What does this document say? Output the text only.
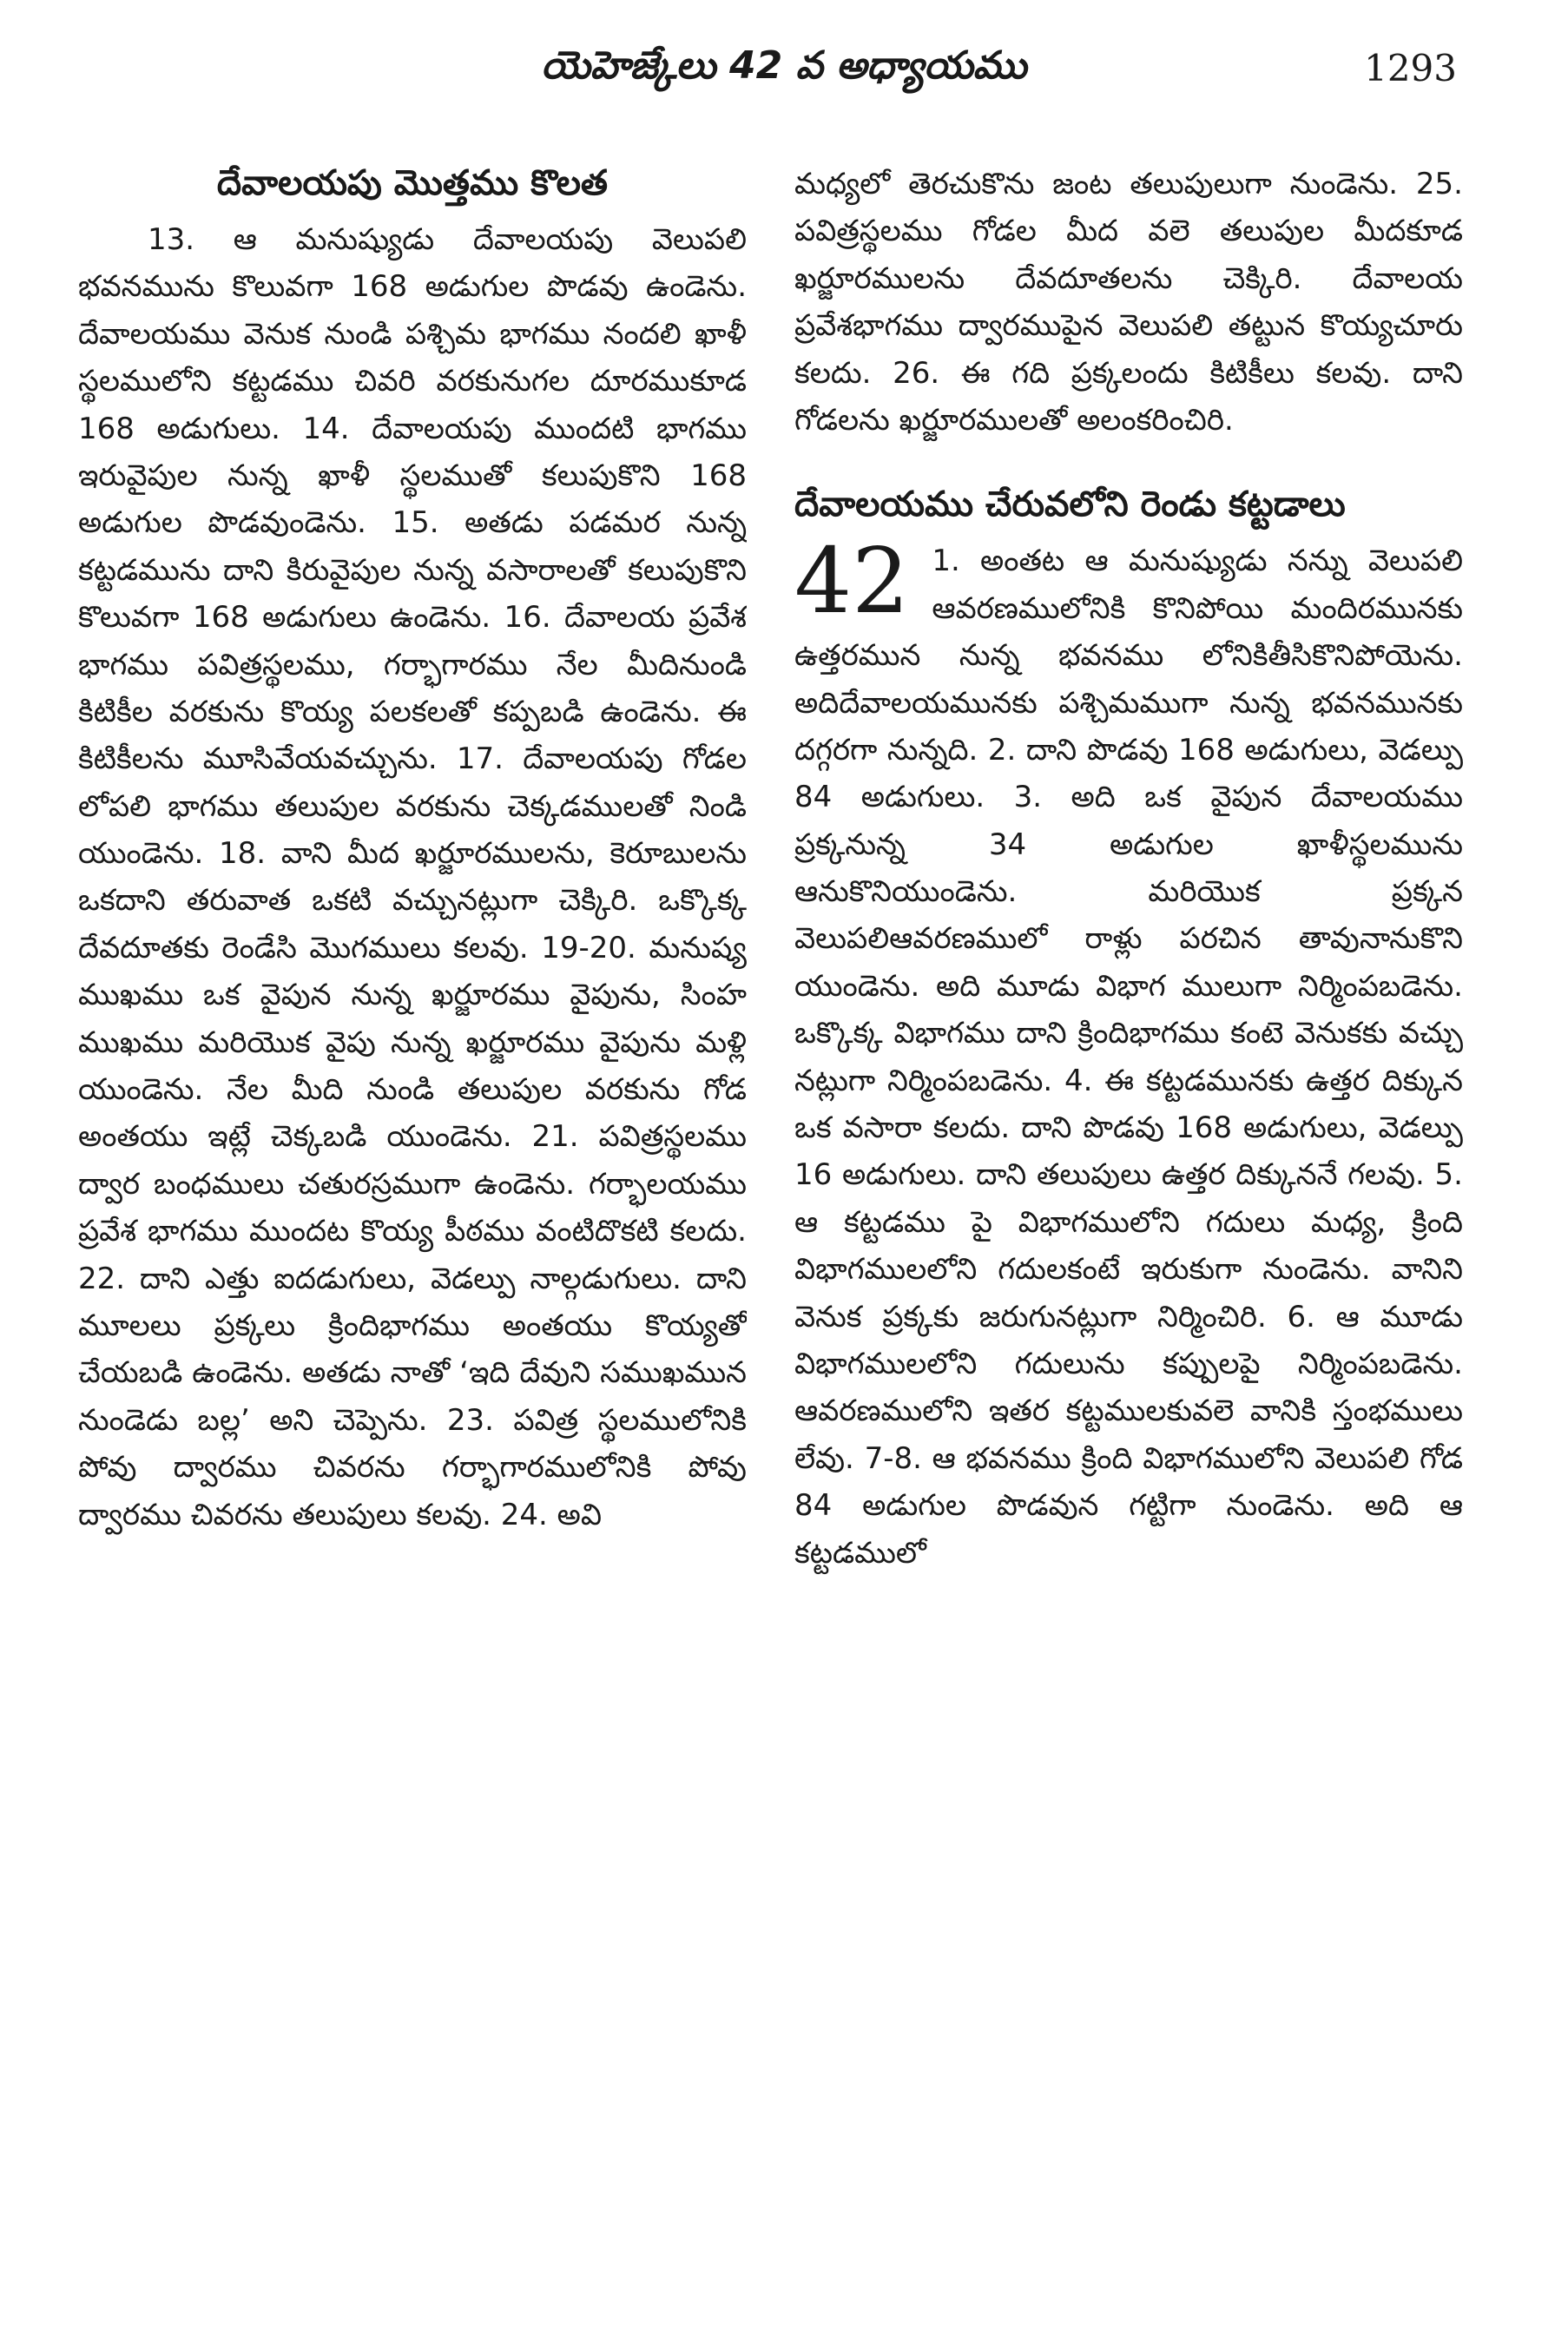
యెహెజ్కేలు 42 వ అధ్యాయము	1293
దేవాలయపు మొత్తము కొలత

13. ఆ మనుష్యుడు దేవాలయపు వెలుపలి భవనమును కొలువగా 168 అడుగుల పొడవు ఉండెను. దేవాలయము వెనుక నుండి పశ్చిమ భాగము నందలి ఖాళీ స్థలములోని కట్టడము చివరి వరకునుగల దూరముకూడ 168 అడుగులు. 14. దేవాలయపు ముందటి భాగము ఇరువైపుల నున్న ఖాళీ స్థలముతో కలుపుకొని 168 అడుగుల పొడవుండెను. 15. అతడు పడమర నున్న కట్టడమును దాని కిరువైపుల నున్న వసారాలతో కలుపుకొని కొలువగా 168 అడుగులు ఉండెను. 16. దేవాలయ ప్రవేశ భాగము పవిత్రస్థలము, గర్భాగారము నేల మీదినుండి కిటికీల వరకును కొయ్య పలకలతో కప్పబడి ఉండెను. ఈ కిటికీలను మూసివేయవచ్చును. 17. దేవాలయపు గోడల లోపలి భాగము తలుపుల వరకును చెక్కడములతో నిండి యుండెను. 18. వాని మీద ఖర్జూరములను, కెరూబులను ఒకదాని తరువాత ఒకటి వచ్చునట్లుగా చెక్కిరి. ఒక్కొక్క దేవదూతకు రెండేసి మొగములు కలవు. 19-20. మనుష్య ముఖము ఒక వైపున నున్న ఖర్జూరము వైపును, సింహ ముఖము మరియొక వైపు నున్న ఖర్జూరము వైపును మళ్లి యుండెను. నేల మీది నుండి తలుపుల వరకును గోడ అంతయు ఇట్లే చెక్కబడి యుండెను. 21. పవిత్రస్థలము ద్వార బంధములు చతురస్రముగా ఉండెను. గర్భాలయము ప్రవేశ భాగము ముందట కొయ్య పీఠము వంటిదొకటి కలదు. 22. దాని ఎత్తు ఐదడుగులు, వెడల్పు నాల్గడుగులు. దాని మూలలు ప్రక్కలు క్రిందిభాగము అంతయు కొయ్యతో చేయబడి ఉండెను. అతడు నాతో ‘ఇది దేవుని సముఖమున నుండెడు బల్ల’ అని చెప్పెను. 23. పవిత్ర స్థలములోనికి పోవు ద్వారము చివరను గర్భాగారములోనికి పోవు ద్వారము చివరను తలుపులు కలవు. 24. అవి

మధ్యలో తెరచుకొను జంట తలుపులుగా నుండెను. 25. పవిత్రస్థలము గోడల మీద వలె తలుపుల మీదకూడ ఖర్జూరములను దేవదూతలను చెక్కిరి. దేవాలయ ప్రవేశభాగము ద్వారముపైన వెలుపలి తట్టున కొయ్యచూరు కలదు. 26. ఈ గది ప్రక్కలందు కిటికీలు కలవు. దాని గోడలను ఖర్జూరములతో అలంకరించిరి.

దేవాలయము చేరువలోని రెండు కట్టడాలు
42 1. అంతట ఆ మనుష్యుడు నన్ను వెలుపలి ఆవరణములోనికి కొనిపోయి మందిరమునకు ఉత్తరమున నున్న భవనము లోనికితీసికొనిపోయెను. అదిదేవాలయమునకు పశ్చిమముగా నున్న భవనమునకు దగ్గరగా నున్నది. 2. దాని పొడవు 168 అడుగులు, వెడల్పు 84 అడుగులు. 3. అది ఒక వైపున దేవాలయము ప్రక్కనున్న 34 అడుగుల ఖాళీస్థలమును ఆనుకొనియుండెను. మరియొక ప్రక్కన వెలుపలిఆవరణములో రాళ్లు పరచిన తావునానుకొని యుండెను. అది మూడు విభాగ ములుగా నిర్మింపబడెను. ఒక్కొక్క విభాగము దాని క్రిందిభాగము కంటె వెనుకకు వచ్చు నట్లుగా నిర్మింపబడెను. 4. ఈ కట్టడమునకు ఉత్తర దిక్కున ఒక వసారా కలదు. దాని పొడవు 168 అడుగులు, వెడల్పు 16 అడుగులు. దాని తలుపులు ఉత్తర దిక్కుననే గలవు. 5. ఆ కట్టడము పై విభాగములోని గదులు మధ్య, క్రింది విభాగములలోని గదులకంటే ఇరుకుగా నుండెను. వానిని వెనుక ప్రక్కకు జరుగునట్లుగా నిర్మించిరి. 6. ఆ మూడు విభాగములలోని గదులును కప్పులపై నిర్మింపబడెను. ఆవరణములోని ఇతర కట్టములకువలె వానికి స్తంభములు లేవు. 7-8. ఆ భవనము క్రింది విభాగములోని వెలుపలి గోడ 84 అడుగుల పొడవున గట్టిగా నుండెను. అది ఆ కట్టడములో
